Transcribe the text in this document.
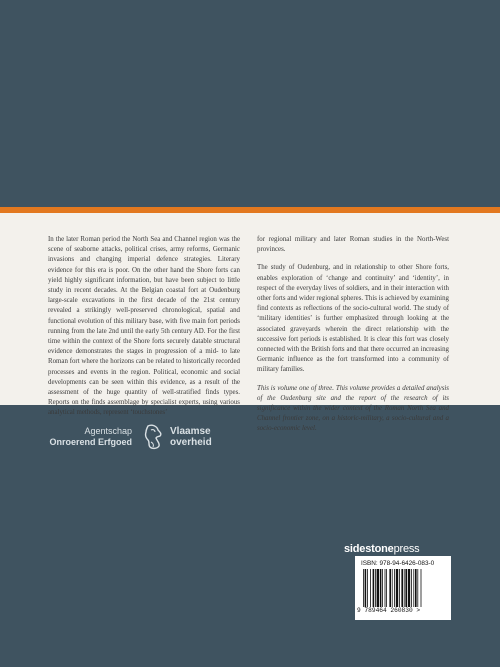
In the later Roman period the North Sea and Channel region was the scene of seaborne attacks, political crises, army reforms, Germanic invasions and changing imperial defence strategies. Literary evidence for this era is poor. On the other hand the Shore forts can yield highly significant information, but have been subject to little study in recent decades. At the Belgian coastal fort at Oudenburg large-scale excavations in the first decade of the 21st century revealed a strikingly well-preserved chronological, spatial and functional evolution of this military base, with five main fort periods running from the late 2nd until the early 5th century AD. For the first time within the context of the Shore forts securely datable structural evidence demonstrates the stages in progression of a mid- to late Roman fort where the horizons can be related to historically recorded processes and events in the region. Political, economic and social developments can be seen within this evidence, as a result of the assessment of the huge quantity of well-stratified finds types. Reports on the finds assemblage by specialist experts, using various analytical methods, represent ‘touchstones’

for regional military and later Roman studies in the North-West provinces.

The study of Oudenburg, and in relationship to other Shore forts, enables exploration of ‘change and continuity’ and ‘identity’, in respect of the everyday lives of soldiers, and in their interaction with other forts and wider regional spheres. This is achieved by examining find contexts as reflections of the socio-cultural world. The study of ‘military identities’ is further emphasized through looking at the associated graveyards wherein the direct relationship with the successive fort periods is established. It is clear this fort was closely connected with the British forts and that there occurred an increasing Germanic influence as the fort transformed into a community of military families.

This is volume one of three. This volume provides a detailed analysis of the Oudenburg site and the report of the research of its significance within the wider context of the Roman North Sea and Channel frontier zone, on a historic-military, a socio-cultural and a socio-economic level.

Agentschap
Onroerend Erfgoed
Vlaamse
overheid
sidestonepress
ISBN: 978-94-6426-083-0
9 789464 260830 >
